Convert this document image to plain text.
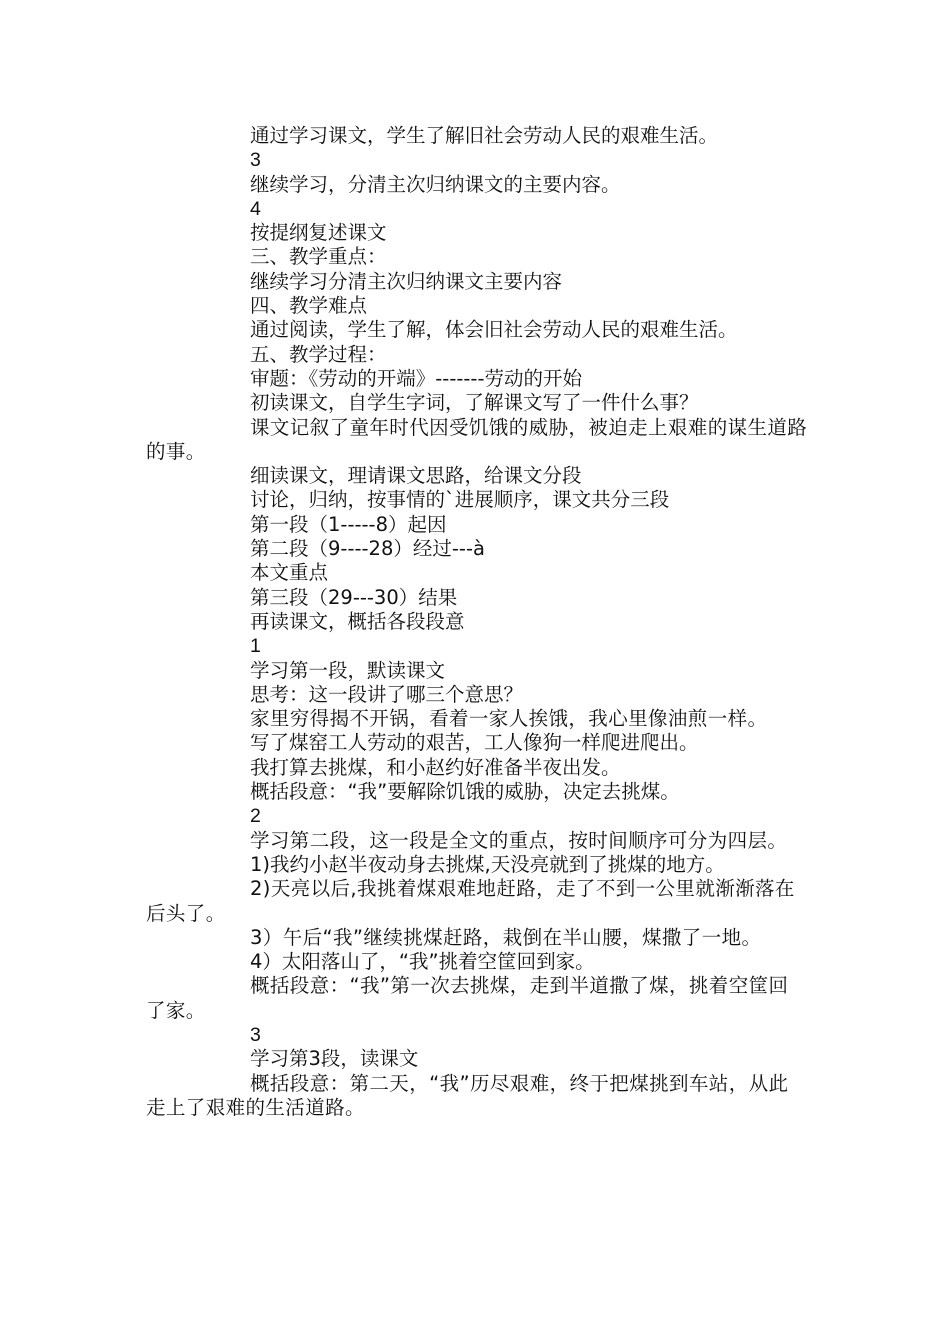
通过学习课文，学生了解旧社会劳动人民的艰难生活。

3

继续学习，分清主次归纳课文的主要内容。

4

按提纲复述课文

三、教学重点：

继续学习分清主次归纳课文主要内容

四、教学难点

通过阅读，学生了解，体会旧社会劳动人民的艰难生活。

五、教学过程：

审题：《劳动的开端》-------劳动的开始

初读课文，自学生字词，了解课文写了一件什么事？

课文记叙了童年时代因受饥饿的威胁，被迫走上艰难的谋生道路的事。

细读课文，理请课文思路，给课文分段

讨论，归纳，按事情的`进展顺序，课文共分三段

第一段（1-----8）起因

第二段（9----28）经过---à

本文重点

第三段（29---30）结果

再读课文，概括各段段意

1

学习第一段，默读课文

思考：这一段讲了哪三个意思？

家里穷得揭不开锅，看着一家人挨饿，我心里像油煎一样。

写了煤窑工人劳动的艰苦，工人像狗一样爬进爬出。

我打算去挑煤，和小赵约好准备半夜出发。

概括段意：“我”要解除饥饿的威胁，决定去挑煤。

2

学习第二段，这一段是全文的重点，按时间顺序可分为四层。

1)我约小赵半夜动身去挑煤,天没亮就到了挑煤的地方。

2)天亮以后,我挑着煤艰难地赶路，走了不到一公里就渐渐落在后头了。

3）午后“我”继续挑煤赶路，栽倒在半山腰，煤撒了一地。

4）太阳落山了，“我”挑着空筐回到家。

概括段意：“我”第一次去挑煤，走到半道撒了煤，挑着空筐回了家。

3

学习第3段，读课文

概括段意：第二天，“我”历尽艰难，终于把煤挑到车站，从此走上了艰难的生活道路。
